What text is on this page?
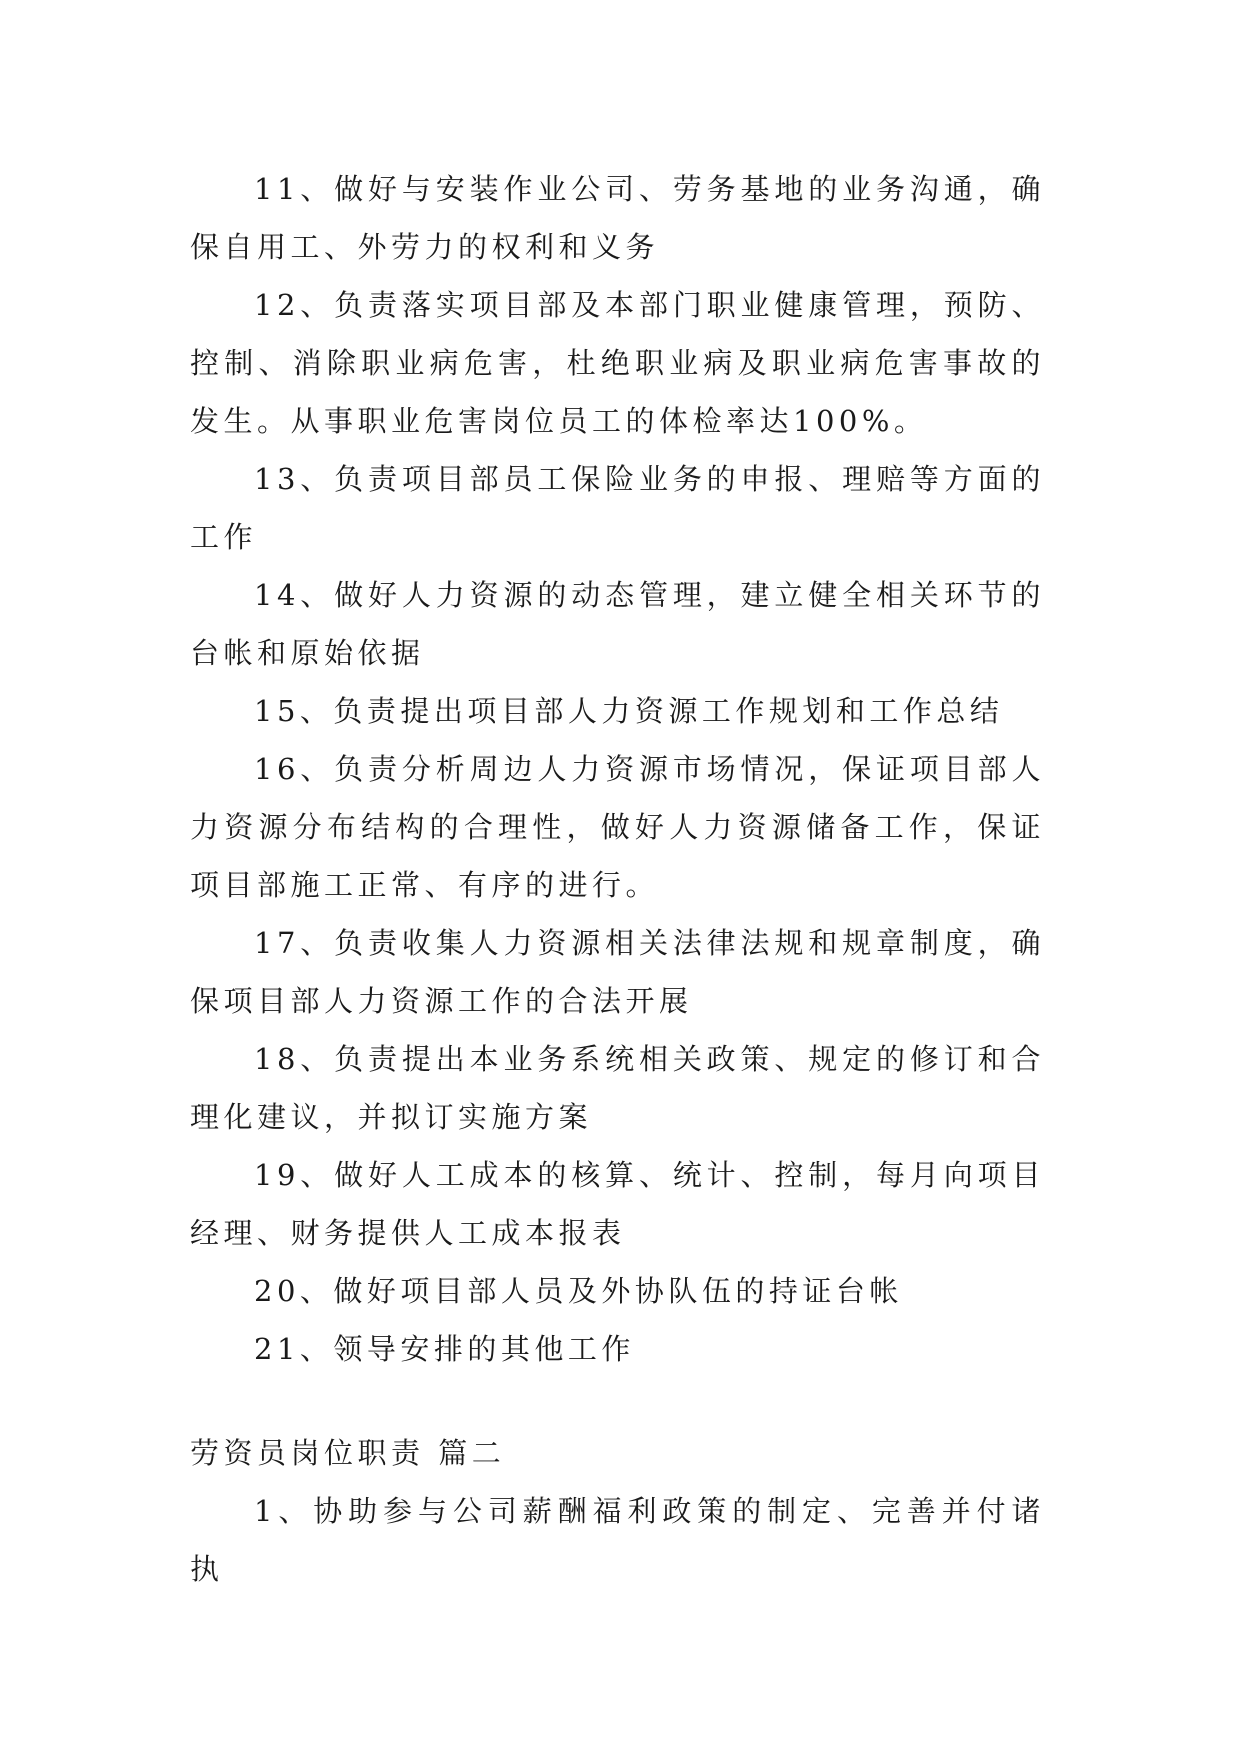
11、做好与安装作业公司、劳务基地的业务沟通，确保自用工、外劳力的权利和义务

12、负责落实项目部及本部门职业健康管理，预防、控制、消除职业病危害，杜绝职业病及职业病危害事故的发生。从事职业危害岗位员工的体检率达100%。

13、负责项目部员工保险业务的申报、理赔等方面的工作

14、做好人力资源的动态管理，建立健全相关环节的台帐和原始依据

15、负责提出项目部人力资源工作规划和工作总结

16、负责分析周边人力资源市场情况，保证项目部人力资源分布结构的合理性，做好人力资源储备工作，保证项目部施工正常、有序的进行。

17、负责收集人力资源相关法律法规和规章制度，确保项目部人力资源工作的合法开展

18、负责提出本业务系统相关政策、规定的修订和合理化建议，并拟订实施方案

19、做好人工成本的核算、统计、控制，每月向项目经理、财务提供人工成本报表

20、做好项目部人员及外协队伍的持证台帐

21、领导安排的其他工作

劳资员岗位职责 篇二

1、协助参与公司薪酬福利政策的制定、完善并付诸执
